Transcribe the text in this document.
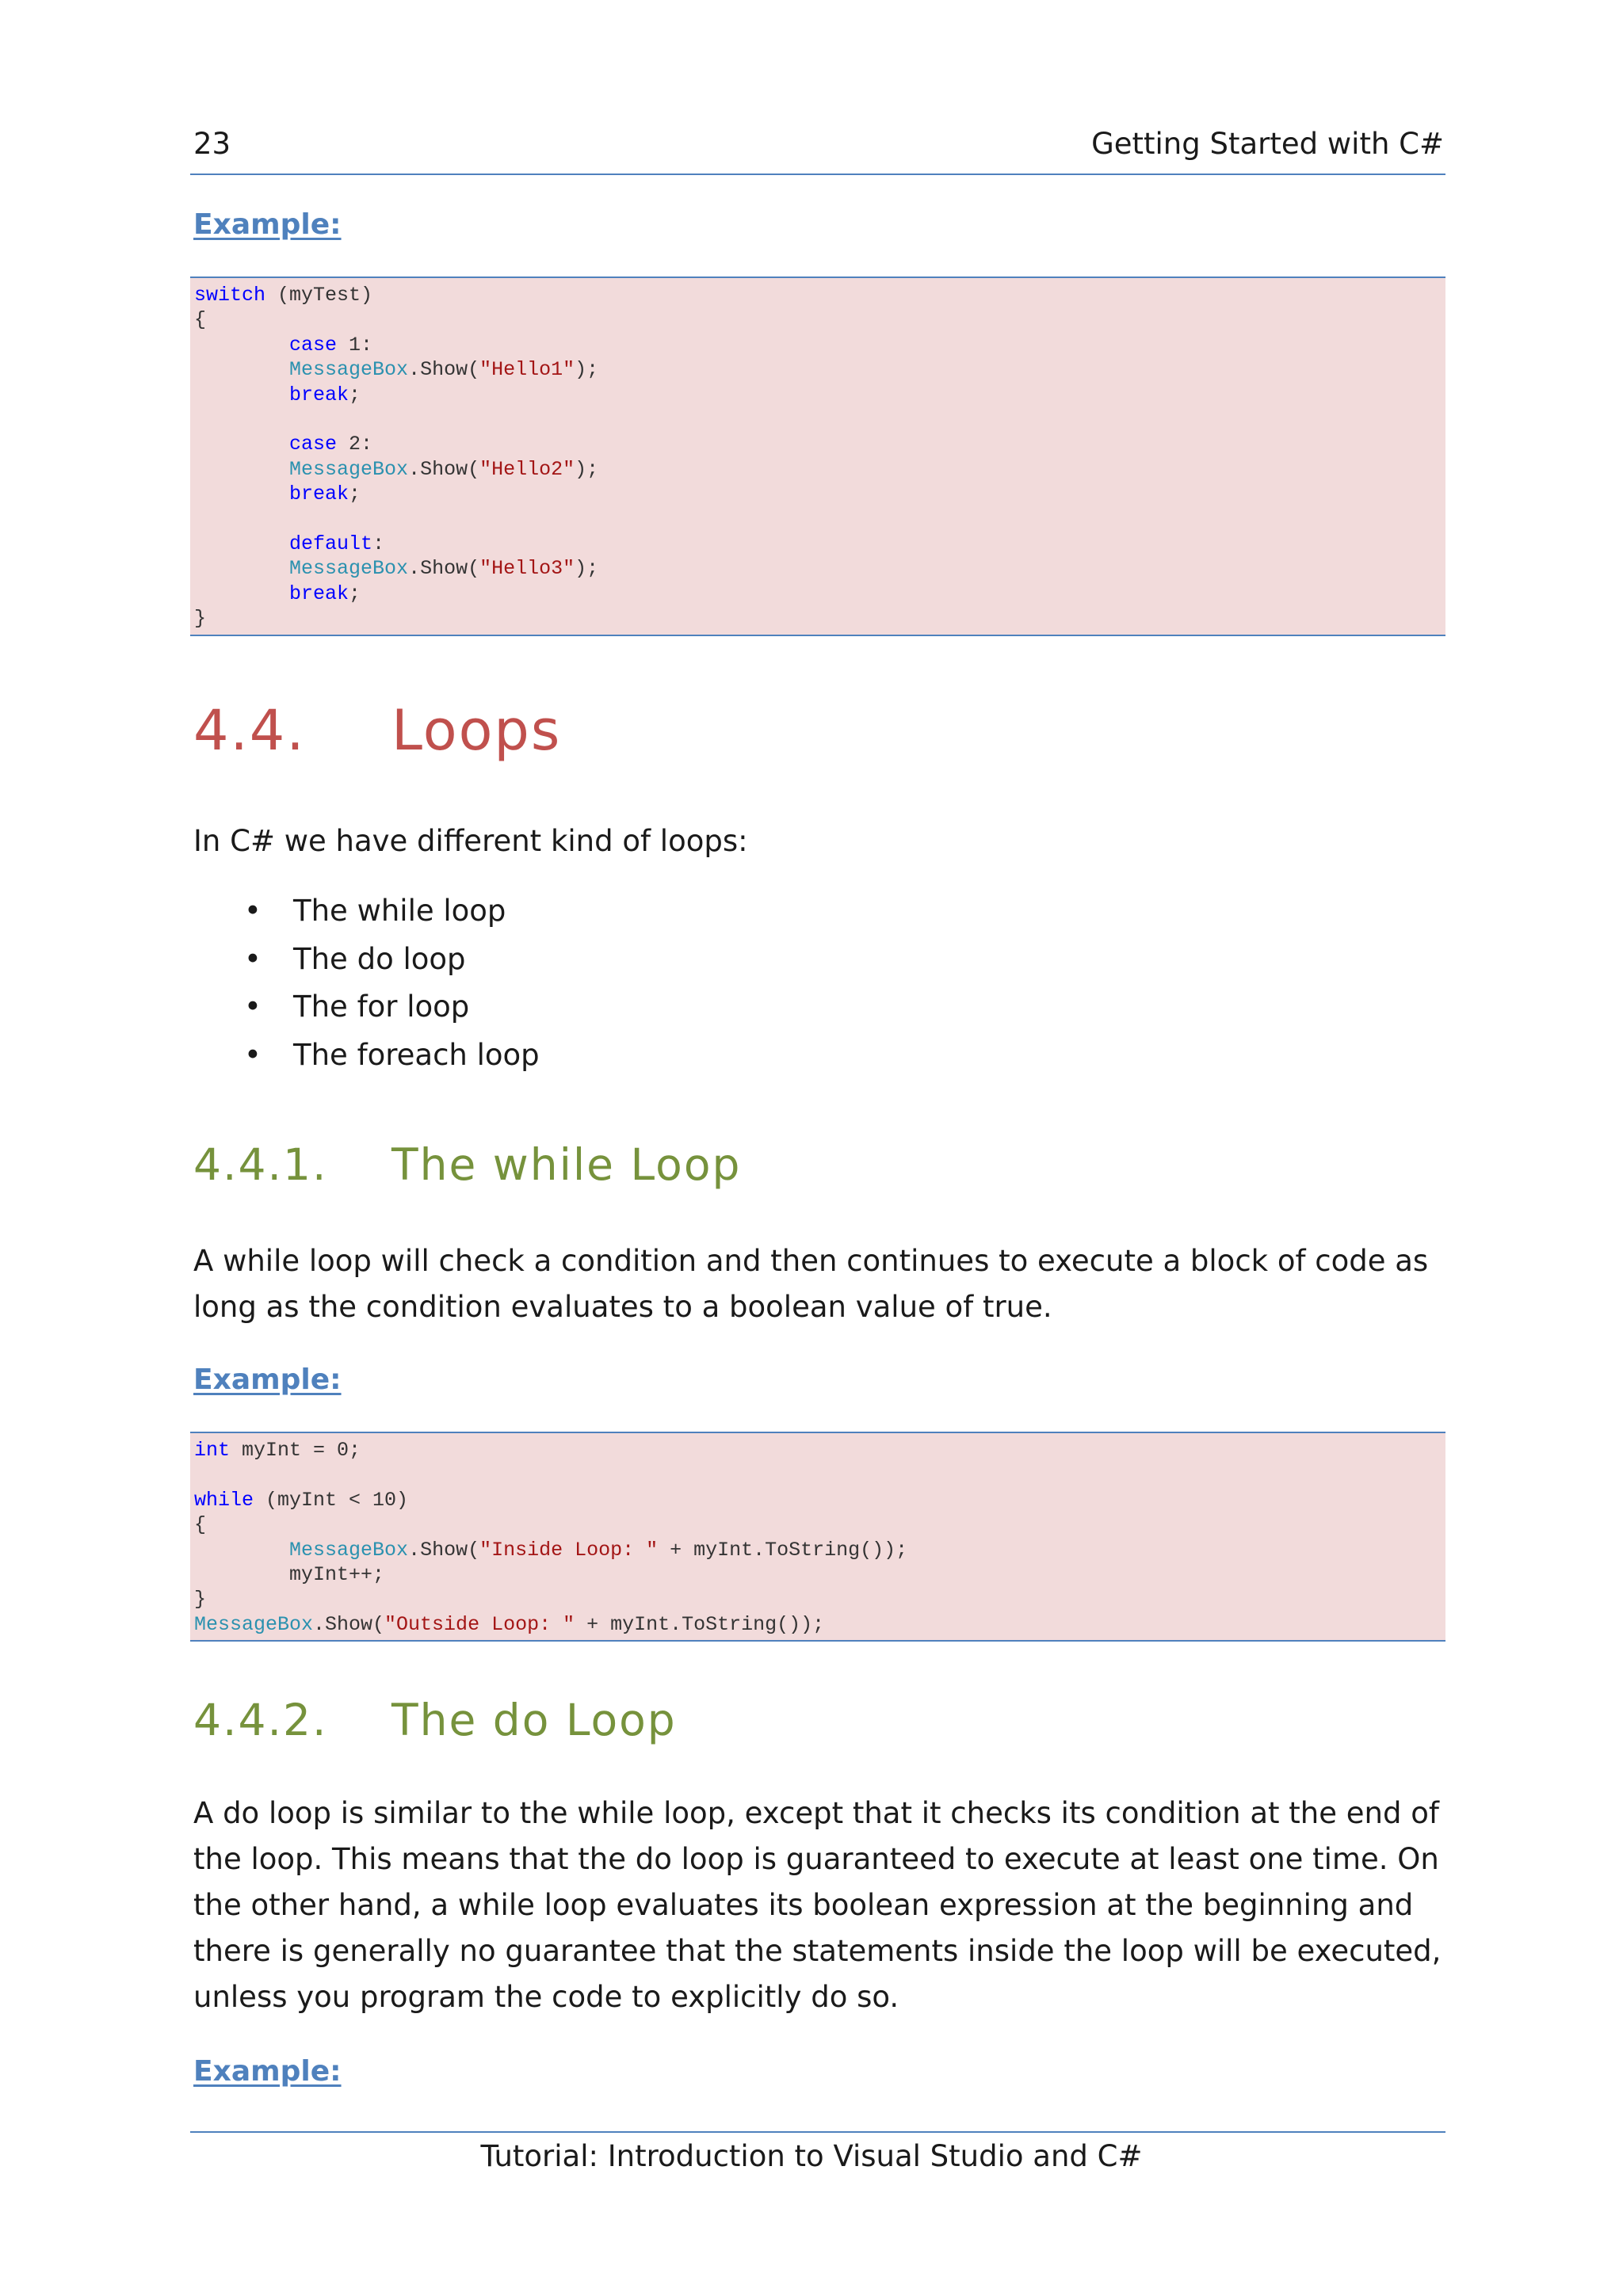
23	Getting Started with C#
Example:
switch (myTest)
{
case 1:
MessageBox.Show("Hello1");
break;
case 2:
MessageBox.Show("Hello2");
break;
default:
MessageBox.Show("Hello3");
break;
}
4.4. Loops
In C# we have different kind of loops:
• The while loop
• The do loop
• The for loop
• The foreach loop
4.4.1. The while Loop
A while loop will check a condition and then continues to execute a block of code as long as the condition evaluates to a boolean value of true.
Example:
int myInt = 0;
while (myInt < 10)
{
MessageBox.Show("Inside Loop: " + myInt.ToString());
myInt++;
}
MessageBox.Show("Outside Loop: " + myInt.ToString());
4.4.2. The do Loop
A do loop is similar to the while loop, except that it checks its condition at the end of the loop. This means that the do loop is guaranteed to execute at least one time. On the other hand, a while loop evaluates its boolean expression at the beginning and there is generally no guarantee that the statements inside the loop will be executed, unless you program the code to explicitly do so.
Example:
Tutorial: Introduction to Visual Studio and C#
